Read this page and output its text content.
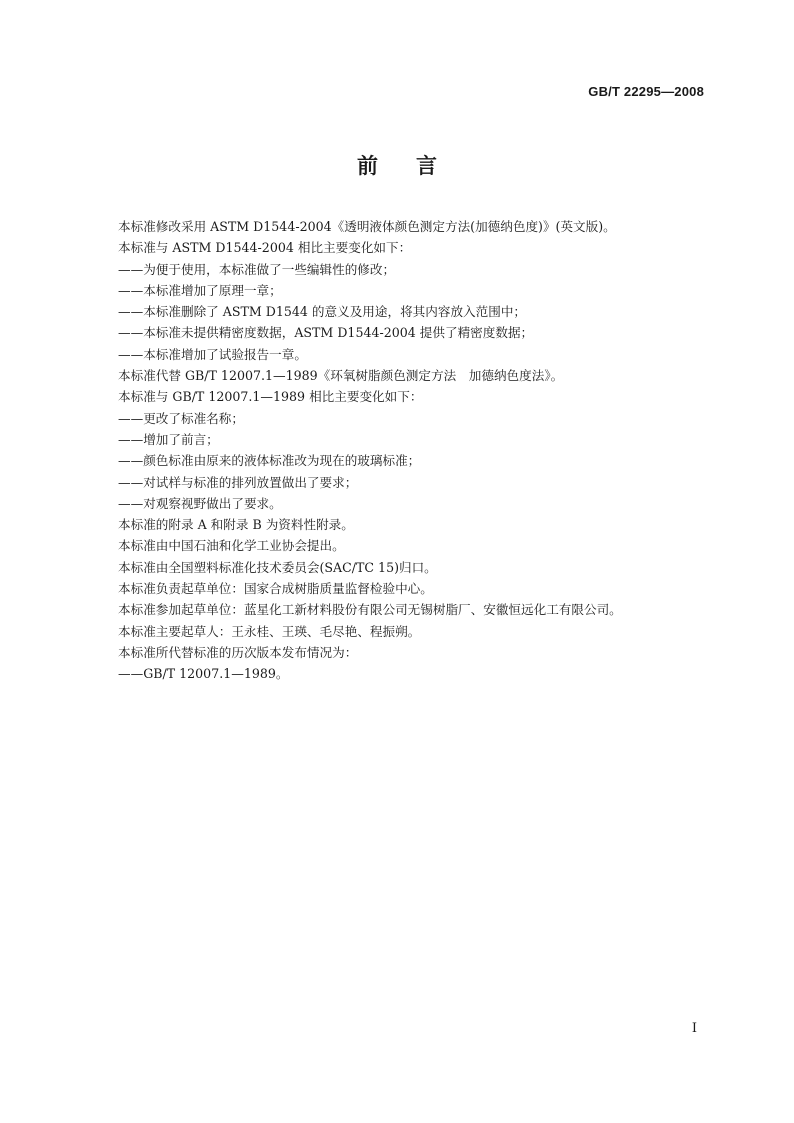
GB/T 22295—2008
前言
本标准修改采用 ASTM D1544-2004《透明液体颜色测定方法(加德纳色度)》(英文版)。
本标准与 ASTM D1544-2004 相比主要变化如下：
——为便于使用，本标准做了一些编辑性的修改；
——本标准增加了原理一章；
——本标准删除了 ASTM D1544 的意义及用途，将其内容放入范围中；
——本标准未提供精密度数据，ASTM D1544-2004 提供了精密度数据；
——本标准增加了试验报告一章。
本标准代替 GB/T 12007.1—1989《环氧树脂颜色测定方法　加德纳色度法》。
本标准与 GB/T 12007.1—1989 相比主要变化如下：
——更改了标准名称；
——增加了前言；
——颜色标准由原来的液体标准改为现在的玻璃标准；
——对试样与标准的排列放置做出了要求；
——对观察视野做出了要求。
本标准的附录 A 和附录 B 为资料性附录。
本标准由中国石油和化学工业协会提出。
本标准由全国塑料标准化技术委员会(SAC/TC 15)归口。
本标准负责起草单位：国家合成树脂质量监督检验中心。
本标准参加起草单位：蓝星化工新材料股份有限公司无锡树脂厂、安徽恒远化工有限公司。
本标准主要起草人：王永桂、王瑛、毛尽艳、程振朔。
本标准所代替标准的历次版本发布情况为：
——GB/T 12007.1—1989。
I
